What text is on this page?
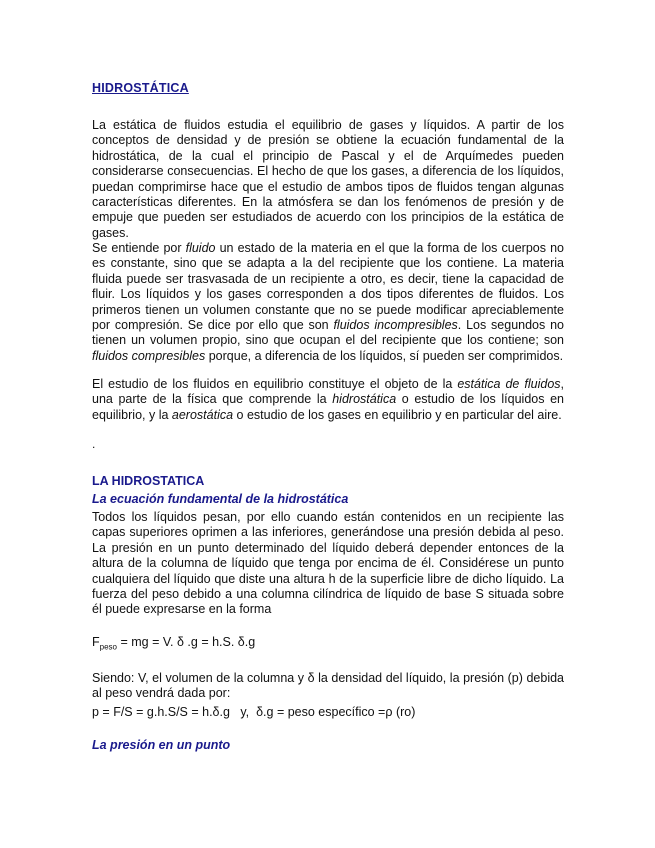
HIDROSTÁTICA

La estática de fluidos estudia el equilibrio de gases y líquidos. A partir de los conceptos de densidad y de presión se obtiene la ecuación fundamental de la hidrostática, de la cual el principio de Pascal y el de Arquímedes pueden considerarse consecuencias. El hecho de que los gases, a diferencia de los líquidos, puedan comprimirse hace que el estudio de ambos tipos de fluidos tengan algunas características diferentes. En la atmósfera se dan los fenómenos de presión y de empuje que pueden ser estudiados de acuerdo con los principios de la estática de gases.

Se entiende por fluido un estado de la materia en el que la forma de los cuerpos no es constante, sino que se adapta a la del recipiente que los contiene. La materia fluida puede ser trasvasada de un recipiente a otro, es decir, tiene la capacidad de fluir. Los líquidos y los gases corresponden a dos tipos diferentes de fluidos. Los primeros tienen un volumen constante que no se puede modificar apreciablemente por compresión. Se dice por ello que son fluidos incompresibles. Los segundos no tienen un volumen propio, sino que ocupan el del recipiente que los contiene; son fluidos compresibles porque, a diferencia de los líquidos, sí pueden ser comprimidos.

El estudio de los fluidos en equilibrio constituye el objeto de la estática de fluidos, una parte de la física que comprende la hidrostática o estudio de los líquidos en equilibrio, y la aerostática o estudio de los gases en equilibrio y en particular del aire.

.
LA HIDROSTATICA
La ecuación fundamental de la hidrostática

Todos los líquidos pesan, por ello cuando están contenidos en un recipiente las capas superiores oprimen a las inferiores, generándose una presión debida al peso. La presión en un punto determinado del líquido deberá depender entonces de la altura de la columna de líquido que tenga por encima de él. Considérese un punto cualquiera del líquido que diste una altura h de la superficie libre de dicho líquido. La fuerza del peso debido a una columna cilíndrica de líquido de base S situada sobre él puede expresarse en la forma

$F_{peso}$ = mg = V. δ .g = h.S. δ.g

Siendo: V, el volumen de la columna y δ la densidad del líquido, la presión (p) debida al peso vendrá dada por:

p = F/S = g.h.S/S = h.δ.g   y,  δ.g = peso específico =ρ (ro)
La presión en un punto
